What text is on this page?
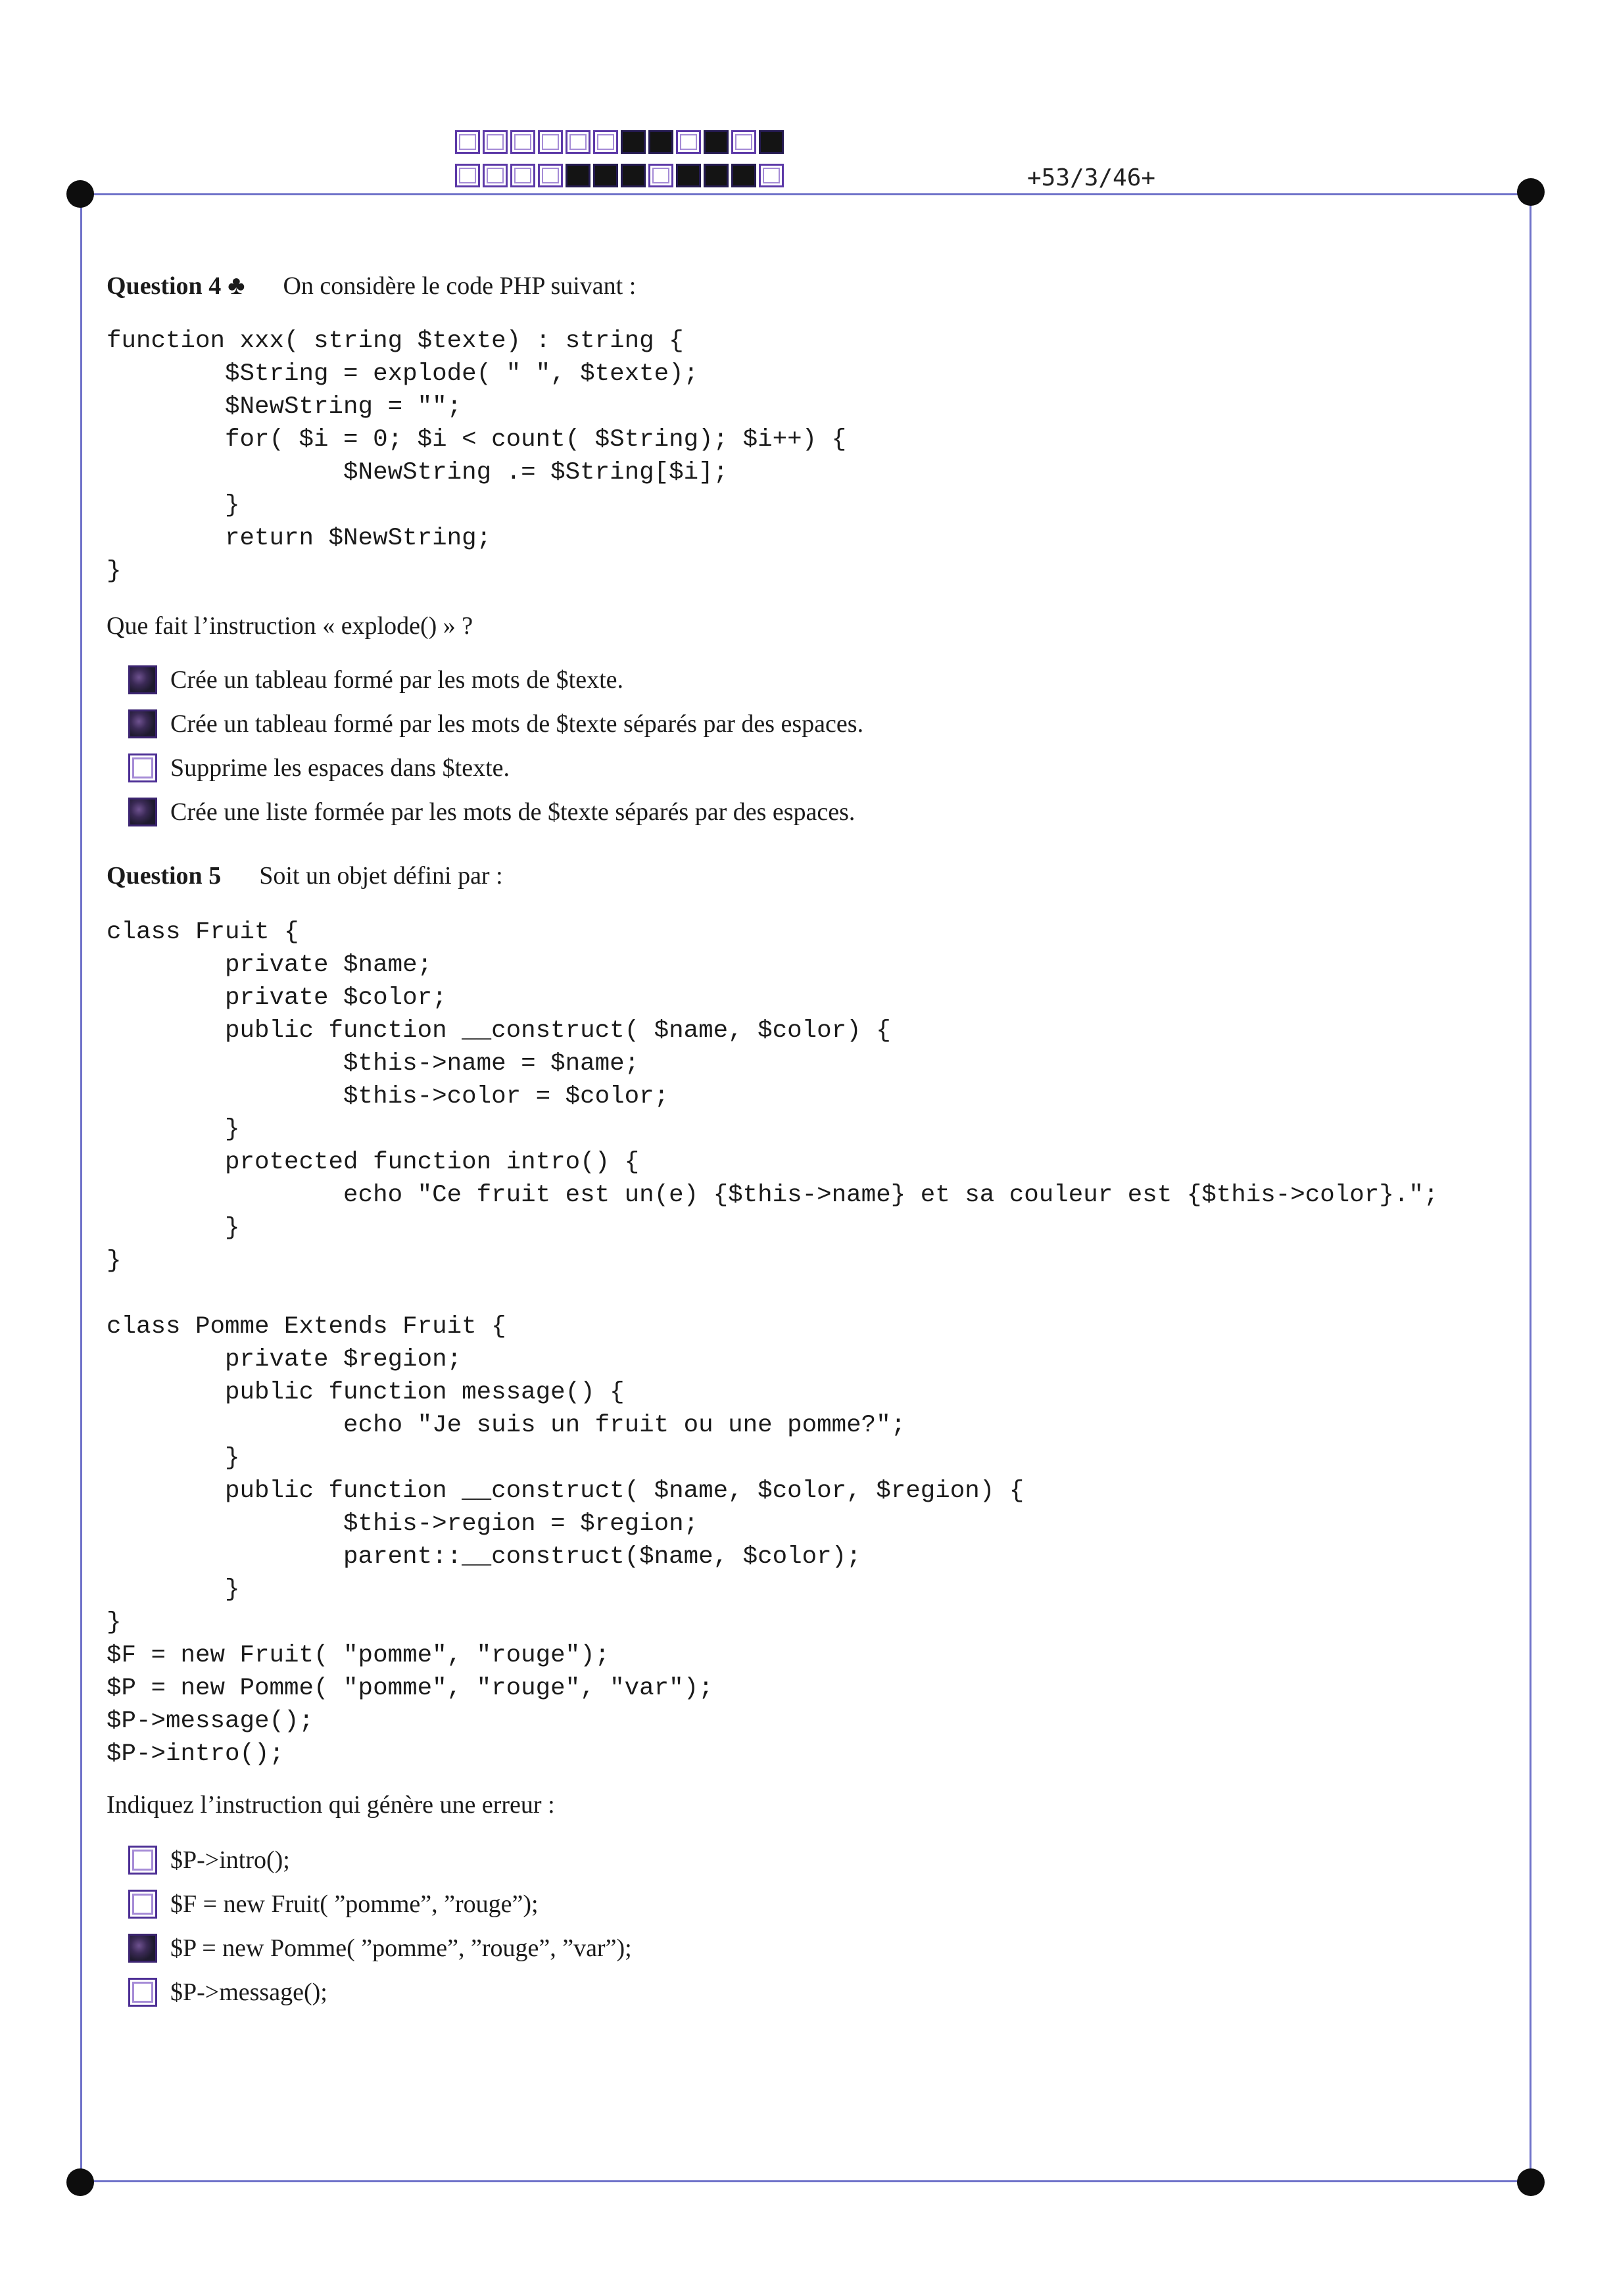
+53/3/46+
Question 4 ♣ On considère le code PHP suivant :
function xxx( string $texte) : string {
$String = explode( " ", $texte);
$NewString = "";
for( $i = 0; $i < count( $String); $i++) {
$NewString .= $String[$i];
}
return $NewString;
}
Que fait l’instruction « explode() » ?
Crée un tableau formé par les mots de $texte.
Crée un tableau formé par les mots de $texte séparés par des espaces.
Supprime les espaces dans $texte.
Crée une liste formée par les mots de $texte séparés par des espaces.
Question 5 Soit un objet défini par :
class Fruit {
private $name;
private $color;
public function __construct( $name, $color) {
$this->name = $name;
$this->color = $color;
}
protected function intro() {
echo "Ce fruit est un(e) {$this->name} et sa couleur est {$this->color}.";
}
}

class Pomme Extends Fruit {
private $region;
public function message() {
echo "Je suis un fruit ou une pomme?";
}
public function __construct( $name, $color, $region) {
$this->region = $region;
parent::__construct($name, $color);
}
}
$F = new Fruit( "pomme", "rouge");
$P = new Pomme( "pomme", "rouge", "var");
$P->message();
$P->intro();
Indiquez l’instruction qui génère une erreur :
$P->intro();
$F = new Fruit( ”pomme”, ”rouge”);
$P = new Pomme( ”pomme”, ”rouge”, ”var”);
$P->message();
